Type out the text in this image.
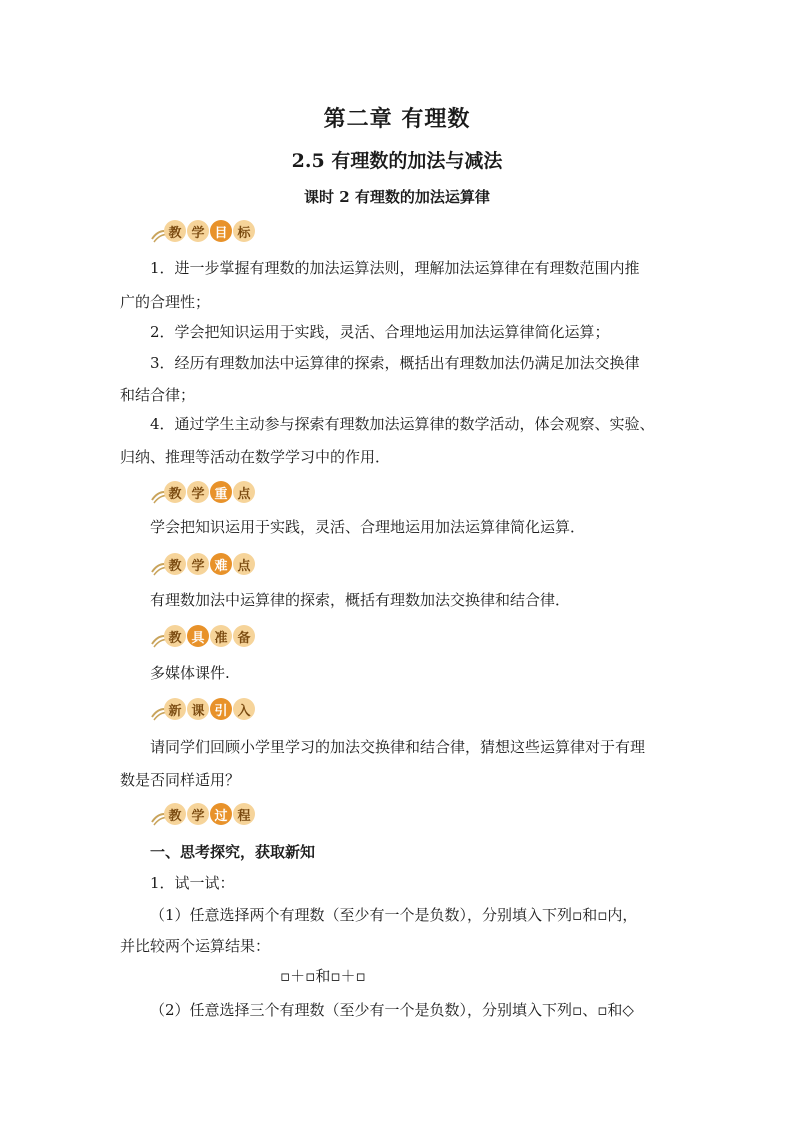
第二章 有理数
2.5 有理数的加法与减法
课时 2 有理数的加法运算律
教 学 目 标
1．进一步掌握有理数的加法运算法则，理解加法运算律在有理数范围内推
广的合理性；
2．学会把知识运用于实践，灵活、合理地运用加法运算律简化运算；
3．经历有理数加法中运算律的探索，概括出有理数加法仍满足加法交换律
和结合律；
4．通过学生主动参与探索有理数加法运算律的数学活动，体会观察、实验、
归纳、推理等活动在数学学习中的作用．
教 学 重 点
学会把知识运用于实践，灵活、合理地运用加法运算律简化运算．
教 学 难 点
有理数加法中运算律的探索，概括有理数加法交换律和结合律．
教 具 准 备
多媒体课件.
新 课 引 入
请同学们回顾小学里学习的加法交换律和结合律，猜想这些运算律对于有理
数是否同样适用？
教 学 过 程
一、思考探究，获取新知
1．试一试：
（1）任意选择两个有理数（至少有一个是负数），分别填入下列▫和▫内，
并比较两个运算结果：
▫＋▫和▫＋▫
（2）任意选择三个有理数（至少有一个是负数），分别填入下列▫、▫和◇
